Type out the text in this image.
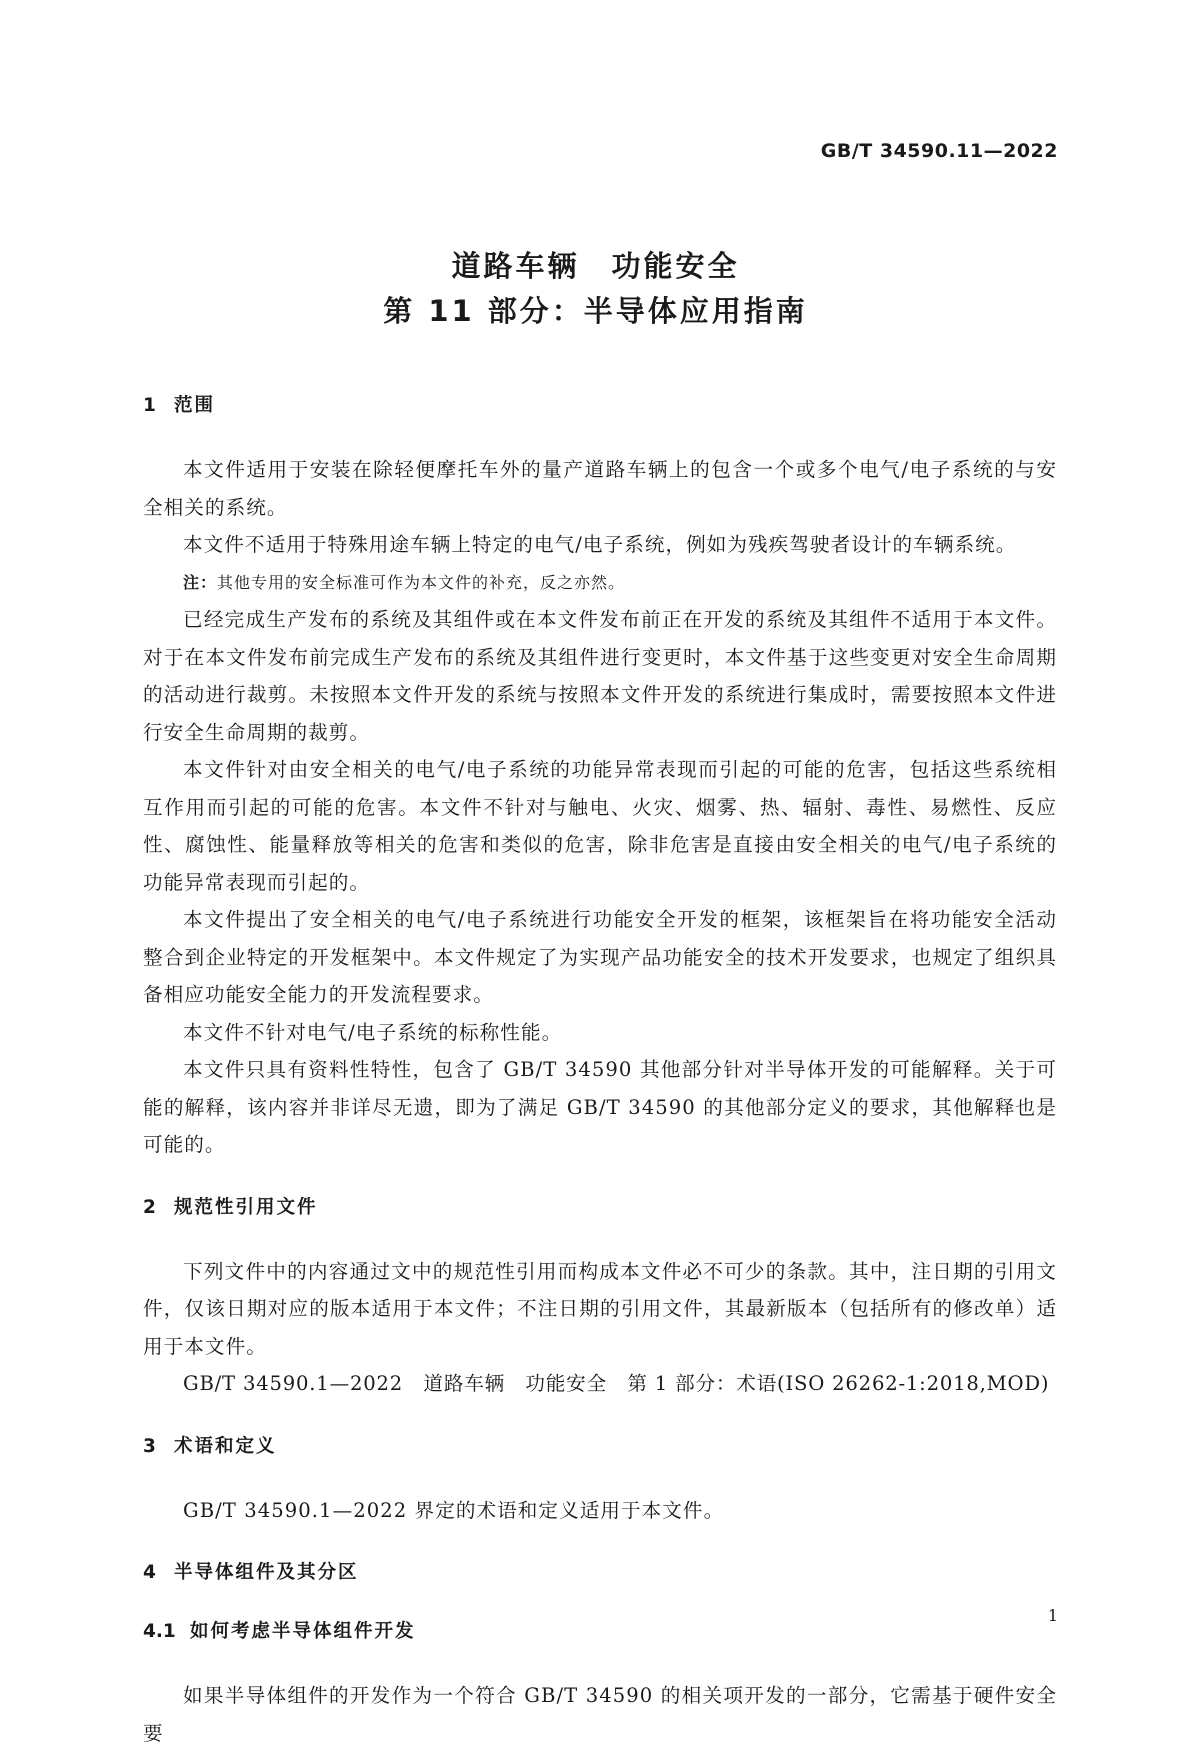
GB/T 34590.11—2022
道路车辆　功能安全
第 11 部分：半导体应用指南
1 范围

本文件适用于安装在除轻便摩托车外的量产道路车辆上的包含一个或多个电气/电子系统的与安全相关的系统。

本文件不适用于特殊用途车辆上特定的电气/电子系统，例如为残疾驾驶者设计的车辆系统。

注：其他专用的安全标准可作为本文件的补充，反之亦然。

已经完成生产发布的系统及其组件或在本文件发布前正在开发的系统及其组件不适用于本文件。对于在本文件发布前完成生产发布的系统及其组件进行变更时，本文件基于这些变更对安全生命周期的活动进行裁剪。未按照本文件开发的系统与按照本文件开发的系统进行集成时，需要按照本文件进行安全生命周期的裁剪。

本文件针对由安全相关的电气/电子系统的功能异常表现而引起的可能的危害，包括这些系统相互作用而引起的可能的危害。本文件不针对与触电、火灾、烟雾、热、辐射、毒性、易燃性、反应性、腐蚀性、能量释放等相关的危害和类似的危害，除非危害是直接由安全相关的电气/电子系统的功能异常表现而引起的。

本文件提出了安全相关的电气/电子系统进行功能安全开发的框架，该框架旨在将功能安全活动整合到企业特定的开发框架中。本文件规定了为实现产品功能安全的技术开发要求，也规定了组织具备相应功能安全能力的开发流程要求。

本文件不针对电气/电子系统的标称性能。

本文件只具有资料性特性，包含了 GB/T 34590 其他部分针对半导体开发的可能解释。关于可能的解释，该内容并非详尽无遗，即为了满足 GB/T 34590 的其他部分定义的要求，其他解释也是可能的。

2 规范性引用文件

下列文件中的内容通过文中的规范性引用而构成本文件必不可少的条款。其中，注日期的引用文件，仅该日期对应的版本适用于本文件；不注日期的引用文件，其最新版本（包括所有的修改单）适用于本文件。

GB/T 34590.1—2022　道路车辆　功能安全　第 1 部分：术语(ISO 26262-1:2018,MOD)

3 术语和定义

GB/T 34590.1—2022 界定的术语和定义适用于本文件。

4 半导体组件及其分区
4.1 如何考虑半导体组件开发

如果半导体组件的开发作为一个符合 GB/T 34590 的相关项开发的一部分，它需基于硬件安全要

1
